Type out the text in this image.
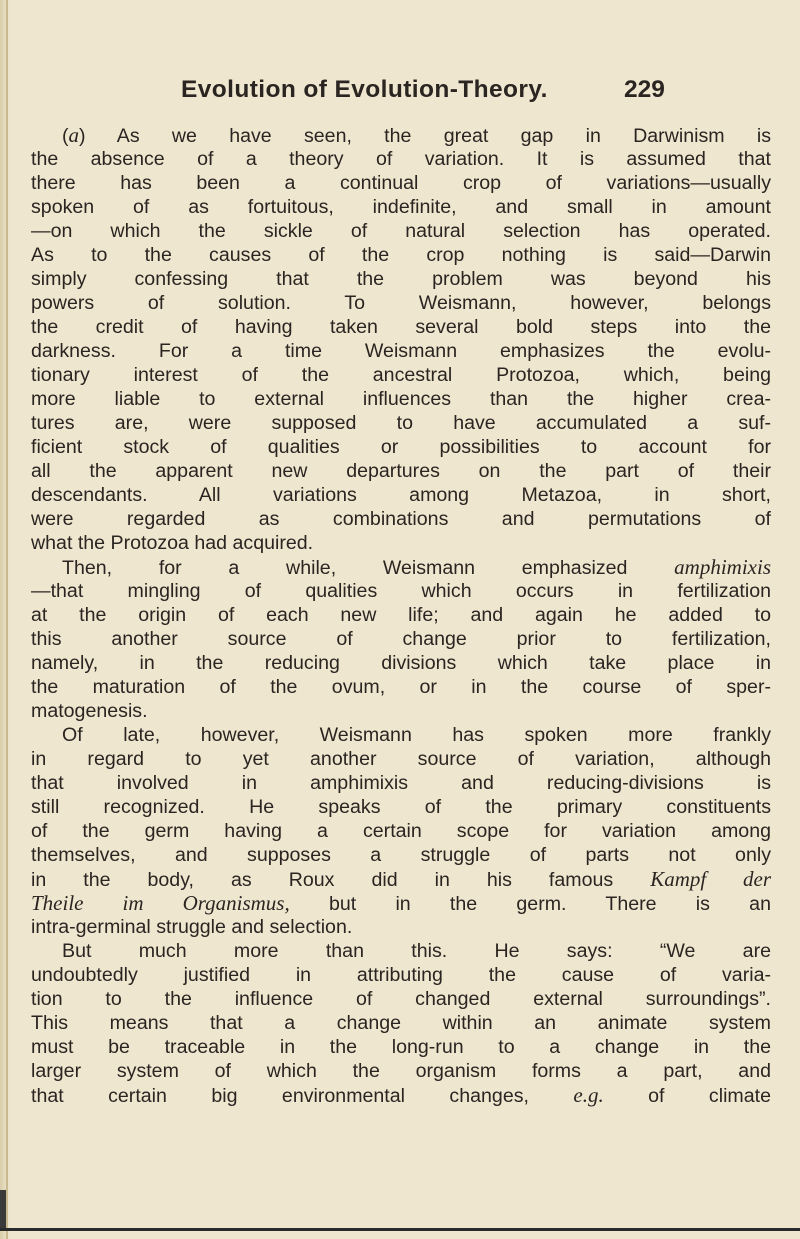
Evolution of Evolution-Theory.	229
(a) As we have seen, the great gap in Darwinism is
the absence of a theory of variation. It is assumed that
there has been a continual crop of variations—usually
spoken of as fortuitous, indefinite, and small in amount
—on which the sickle of natural selection has operated.
As to the causes of the crop nothing is said—Darwin
simply confessing that the problem was beyond his
powers of solution. To Weismann, however, belongs
the credit of having taken several bold steps into the
darkness. For a time Weismann emphasizes the evolu-
tionary interest of the ancestral Protozoa, which, being
more liable to external influences than the higher crea-
tures are, were supposed to have accumulated a suf-
ficient stock of qualities or possibilities to account for
all the apparent new departures on the part of their
descendants. All variations among Metazoa, in short,
were regarded as combinations and permutations of
what the Protozoa had acquired.
Then, for a while, Weismann emphasized amphimixis
—that mingling of qualities which occurs in fertilization
at the origin of each new life; and again he added to
this another source of change prior to fertilization,
namely, in the reducing divisions which take place in
the maturation of the ovum, or in the course of sper-
matogenesis.
Of late, however, Weismann has spoken more frankly
in regard to yet another source of variation, although
that involved in amphimixis and reducing-divisions is
still recognized. He speaks of the primary constituents
of the germ having a certain scope for variation among
themselves, and supposes a struggle of parts not only
in the body, as Roux did in his famous Kampf der
Theile im Organismus, but in the germ. There is an
intra-germinal struggle and selection.
But much more than this. He says: “We are
undoubtedly justified in attributing the cause of varia-
tion to the influence of changed external surroundings”.
This means that a change within an animate system
must be traceable in the long-run to a change in the
larger system of which the organism forms a part, and
that certain big environmental changes, e.g. of climate
